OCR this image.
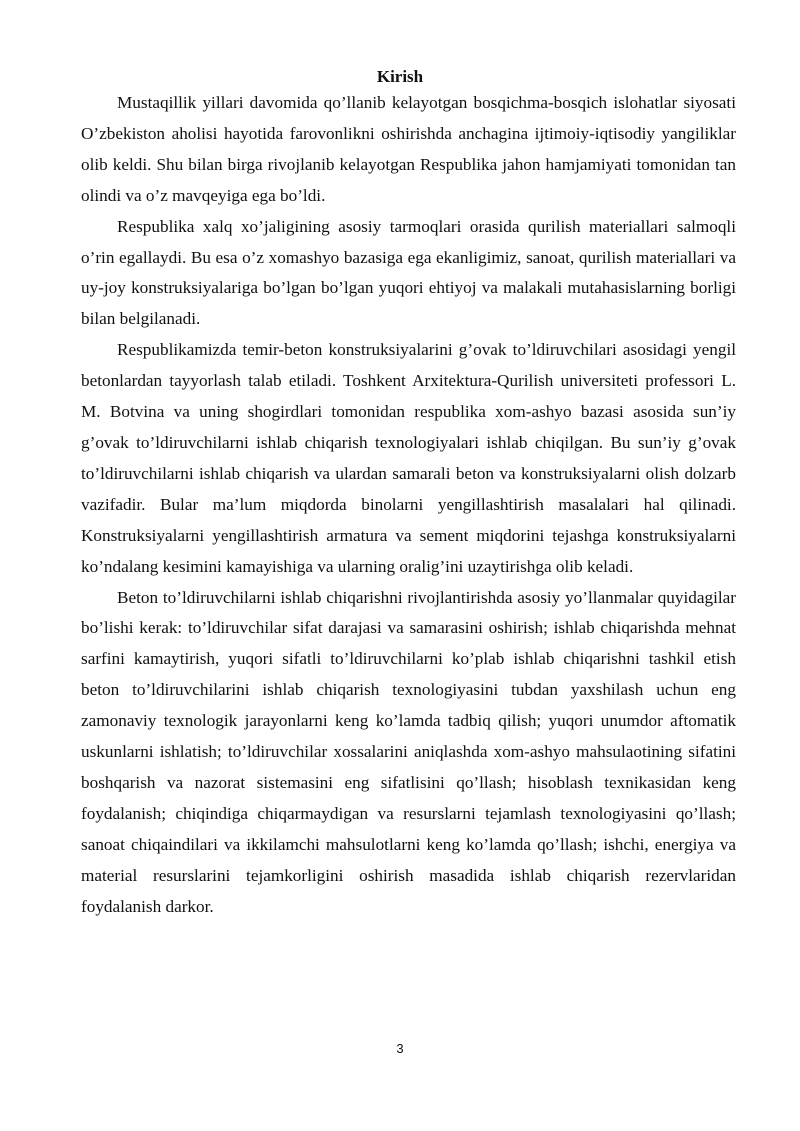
Kirish

Mustaqillik yillari davomida qo’llanib kelayotgan bosqichma-bosqich islohatlar siyosati O’zbekiston aholisi hayotida farovonlikni oshirishda anchagina ijtimoiy-iqtisodiy yangiliklar olib keldi. Shu bilan birga rivojlanib kelayotgan Respublika jahon hamjamiyati tomonidan tan olindi va o’z mavqeyiga ega bo’ldi.

Respublika xalq xo’jaligining asosiy tarmoqlari orasida qurilish materiallari salmoqli o’rin egallaydi. Bu esa o’z xomashyo bazasiga ega ekanligimiz, sanoat, qurilish materiallari va uy-joy konstruksiyalariga bo’lgan bo’lgan yuqori ehtiyoj va malakali mutahasislarning borligi bilan belgilanadi.

Respublikamizda temir-beton konstruksiyalarini g’ovak to’ldiruvchilari asosidagi yengil betonlardan tayyorlash talab etiladi. Toshkent Arxitektura-Qurilish universiteti professori L. M. Botvina va uning shogirdlari tomonidan respublika xom-ashyo bazasi asosida sun’iy g’ovak to’ldiruvchilarni ishlab chiqarish texnologiyalari ishlab chiqilgan. Bu sun’iy g’ovak to’ldiruvchilarni ishlab chiqarish va ulardan samarali beton va konstruksiyalarni olish dolzarb vazifadir. Bular ma’lum miqdorda binolarni yengillashtirish masalalari hal qilinadi. Konstruksiyalarni yengillashtirish armatura va sement miqdorini tejashga konstruksiyalarni ko’ndalang kesimini kamayishiga va ularning oralig’ini uzaytirishga olib keladi.

Beton to’ldiruvchilarni ishlab chiqarishni rivojlantirishda asosiy yo’llanmalar quyidagilar bo’lishi kerak: to’ldiruvchilar sifat darajasi va samarasini oshirish; ishlab chiqarishda mehnat sarfini kamaytirish, yuqori sifatli to’ldiruvchilarni ko’plab ishlab chiqarishni tashkil etish beton to’ldiruvchilarini ishlab chiqarish texnologiyasini tubdan yaxshilash uchun eng zamonaviy texnologik jarayonlarni keng ko’lamda tadbiq qilish; yuqori unumdor aftomatik uskunlarni ishlatish; to’ldiruvchilar xossalarini aniqlashda xom-ashyo mahsulaotining sifatini boshqarish va nazorat sistemasini eng sifatlisini qo’llash; hisoblash texnikasidan keng foydalanish; chiqindiga chiqarmaydigan va resurslarni tejamlash texnologiyasini qo’llash; sanoat chiqaindilari va ikkilamchi mahsulotlarni keng ko’lamda qo’llash; ishchi, energiya va material resurslarini tejamkorligini oshirish masadida ishlab chiqarish rezervlaridan foydalanish darkor.

3
